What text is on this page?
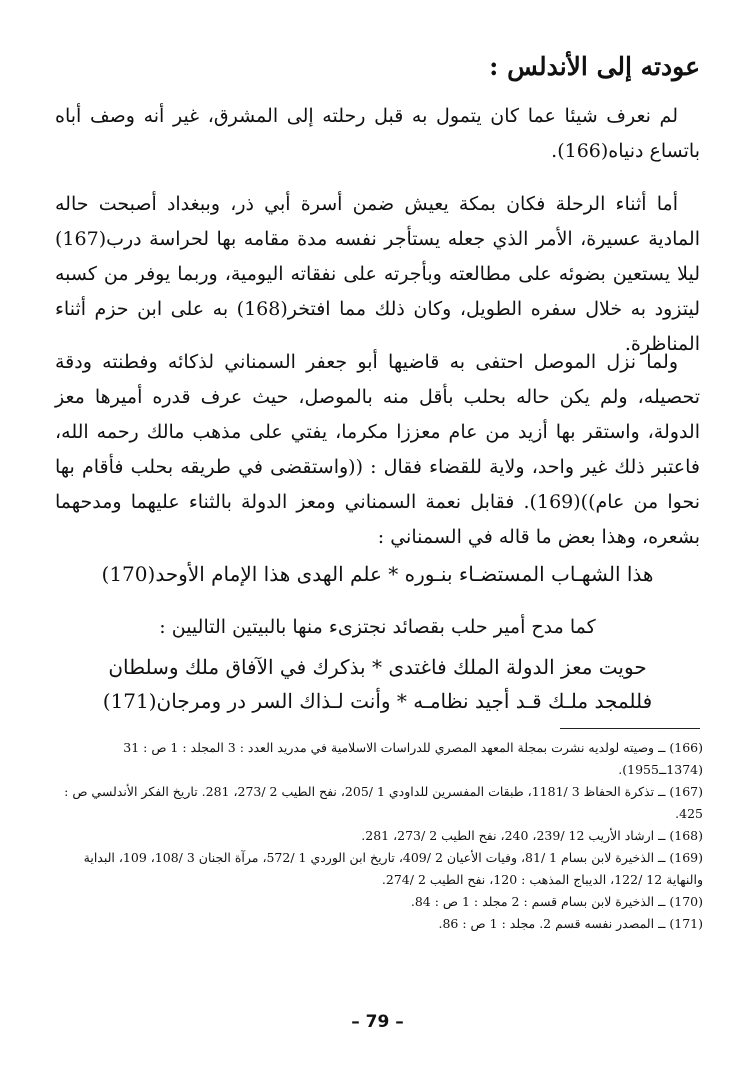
عودته إلى الأندلس :
لم نعرف شيئا عما كان يتمول به قبل رحلته إلى المشرق، غير أنه وصف أباه باتساع دنياه(166).
أما أثناء الرحلة فكان بمكة يعيش ضمن أسرة أبي ذر، وببغداد أصبحت حاله المادية عسيرة، الأمر الذي جعله يستأجر نفسه مدة مقامه بها لحراسة درب(167) ليلا يستعين بضوئه على مطالعته وبأجرته على نفقاته اليومية، وربما يوفر من كسبه ليتزود به خلال سفره الطويل، وكان ذلك مما افتخر(168) به على ابن حزم أثناء المناظرة.
ولما نزل الموصل احتفى به قاضيها أبو جعفر السمناني لذكائه وفطنته ودقة تحصيله، ولم يكن حاله بحلب بأقل منه بالموصل، حيث عرف قدره أميرها معز الدولة، واستقر بها أزيد من عام معززا مكرما، يفتي على مذهب مالك رحمه الله، فاعتبر ذلك غير واحد، ولاية للقضاء فقال : ((واستقضى في طريقه بحلب فأقام بها نحوا من عام))(169). فقابل نعمة السمناني ومعز الدولة بالثناء عليهما ومدحهما بشعره، وهذا بعض ما قاله في السمناني :
هذا الشهـاب المستضـاء بنـوره * علم الهدى هذا الإمام الأوحد(170)
كما مدح أمير حلب بقصائد نجتزىء منها بالبيتين التاليين :
حويت معز الدولة الملك فاغتدى * بذكرك في الآفاق ملك وسلطان
فللمجد ملـك قـد أجيد نظامـه * وأنت لـذاك السر در ومرجان(171)
(166) ــ وصيته لولديه نشرت بمجلة المعهد المصري للدراسات الاسلامية في مدريد العدد : 3 المجلد : 1 ص : 31 (1374ــ1955).
(167) ــ تذكرة الحفاظ 3 /1181، طبقات المفسرين للداودي 1 /205، نفح الطيب 2 /273، 281. تاريخ الفكر الأندلسي ص : 425.
(168) ــ ارشاد الأريب 12 /239، 240، نفح الطيب 2 /273، 281.
(169) ــ الذخيرة لابن بسام 1 /81، وفيات الأعيان 2 /409، تاريخ ابن الوردي 1 /572، مرآة الجنان 3 /108، 109، البداية والنهاية 12 /122، الديباج المذهب : 120، نفح الطيب 2 /274.
(170) ــ الذخيرة لابن بسام قسم : 2 مجلد : 1 ص : 84.
(171) ــ المصدر نفسه قسم 2. مجلد : 1 ص : 86.
– 79 –
